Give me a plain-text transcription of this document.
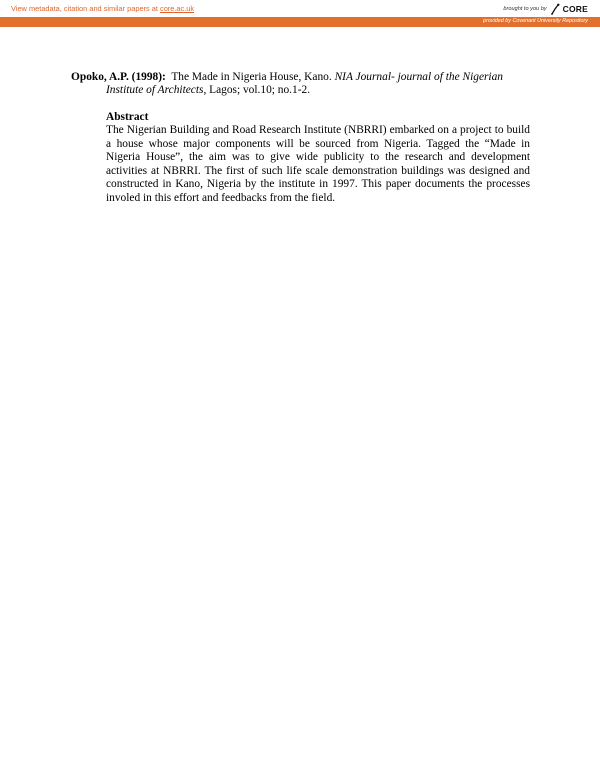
View metadata, citation and similar papers at core.ac.uk	brought to you by CORE
provided by Covenant University Repository
Opoko, A.P. (1998): The Made in Nigeria House, Kano. NIA Journal- journal of the Nigerian
Institute of Architects, Lagos; vol.10; no.1-2.

Abstract

The Nigerian Building and Road Research Institute (NBRRI) embarked on a project to build a house whose major components will be sourced from Nigeria. Tagged the “Made in Nigeria House”, the aim was to give wide publicity to the research and development activities at NBRRI. The first of such life scale demonstration buildings was designed and constructed in Kano, Nigeria by the institute in 1997. This paper documents the processes involed in this effort and feedbacks from the field.
